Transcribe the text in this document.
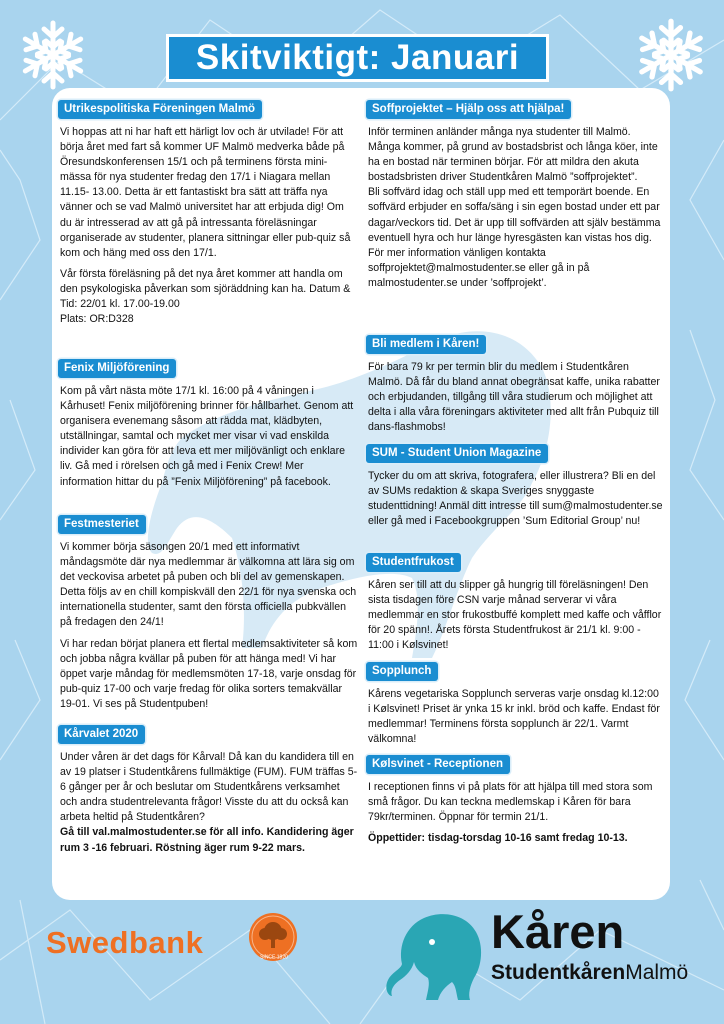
Skitviktigt: Januari
Utrikespolitiska Föreningen Malmö

Vi hoppas att ni har haft ett härligt lov och är utvilade! För att börja året med fart så kommer UF Malmö medverka både på Öresundskonferensen 15/1 och på terminens första mini-mässa för nya studenter fredag den 17/1 i Niagara mellan 11.15- 13.00. Detta är ett fantastiskt bra sätt att träffa nya vänner och se vad Malmö universitet har att erbjuda dig! Om du är intresserad av att gå på intressanta föreläsningar organiserade av studenter, planera sittningar eller pub-quiz så kom och häng med oss den 17/1.

Vår första föreläsning på det nya året kommer att handla om den psykologiska påverkan som sjöräddning kan ha. Datum & Tid: 22/01 kl. 17.00-19.00
Plats: OR:D328

Fenix Miljöförening

Kom på vårt nästa möte 17/1 kl. 16:00 på 4 våningen i Kårhuset! Fenix miljöförening brinner för hållbarhet. Genom att organisera evenemang såsom att rädda mat, klädbyten, utställningar, samtal och mycket mer visar vi vad enskilda individer kan göra för att leva ett mer miljövänligt och enklare liv. Gå med i rörelsen och gå med i Fenix Crew! Mer information hittar du på ”Fenix Miljöförening” på facebook.

Festmesteriet

Vi kommer börja säsongen 20/1 med ett informativt måndagsmöte där nya medlemmar är välkomna att lära sig om det veckovisa arbetet på puben och bli del av gemenskapen. Detta följs av en chill kompiskväll den 22/1 för nya svenska och internationella studenter, samt den första officiella pubkvällen på fredagen den 24/1!

Vi har redan börjat planera ett flertal medlemsaktiviteter så kom och jobba några kvällar på puben för att hänga med! Vi har öppet varje måndag för medlemsmöten 17-18, varje onsdag för pub-quiz 17-00 och varje fredag för olika sorters temakvällar 19-01. Vi ses på Studentpuben!

Kårvalet 2020

Under våren är det dags för Kårval! Då kan du kandidera till en av 19 platser i Studentkårens fullmäktige (FUM). FUM träffas 5-6 gånger per år och beslutar om Studentkårens verksamhet och andra studentrelevanta frågor! Visste du att du också kan arbeta heltid på Studentkåren?

Gå till val.malmostudenter.se för all info. Kandidering äger rum 3 -16 februari. Röstning äger rum 9-22 mars.

Soffprojektet – Hjälp oss att hjälpa!

Inför terminen anländer många nya studenter till Malmö. Många kommer, på grund av bostadsbrist och långa köer, inte ha en bostad när terminen börjar. För att mildra den akuta bostadsbristen driver Studentkåren Malmö ”soffprojektet”.
Bli soffvärd idag och ställ upp med ett temporärt boende. En soffvärd erbjuder en soffa/säng i sin egen bostad under ett par dagar/veckors tid. Det är upp till soffvärden att själv bestämma eventuell hyra och hur länge hyresgästen kan vistas hos dig.
För mer information vänligen kontakta soffprojektet@malmostudenter.se eller gå in på malmostudenter.se under ’soffprojekt’.

Bli medlem i Kåren!

För bara 79 kr per termin blir du medlem i Studentkåren Malmö. Då får du bland annat obegränsat kaffe, unika rabatter och erbjudanden, tillgång till våra studierum och möjlighet att delta i alla våra föreningars aktiviteter med allt från Pubquiz till dans-flashmobs!

SUM - Student Union Magazine

Tycker du om att skriva, fotografera, eller illustrera? Bli en del av SUMs redaktion & skapa Sveriges snyggaste studenttidning! Anmäl ditt intresse till sum@malmostudenter.se eller gå med i Facebookgruppen ’Sum Editorial Group’ nu!

Studentfrukost

Kåren ser till att du slipper gå hungrig till föreläsningen! Den sista tisdagen före CSN varje månad serverar vi våra medlemmar en stor frukostbuffé komplett med kaffe och våfflor för 20 spänn!. Årets första Studentfrukost är 21/1 kl. 9:00 - 11:00 i Kølsvinet!

Sopplunch

Kårens vegetariska Sopplunch serveras varje onsdag kl.12:00 i Kølsvinet! Priset är ynka 15 kr inkl. bröd och kaffe. Endast för medlemmar! Terminens första sopplunch är 22/1. Varmt välkomna!

Kølsvinet - Receptionen

I receptionen finns vi på plats för att hjälpa till med stora som små frågor. Du kan teckna medlemskap i Kåren för bara 79kr/terminen. Öppnar för termin 21/1.

Öppettider: tisdag-torsdag 10-16 samt fredag 10-13.

Swedbank	SINCE 1820	Kåren
StudentkårenMalmö
